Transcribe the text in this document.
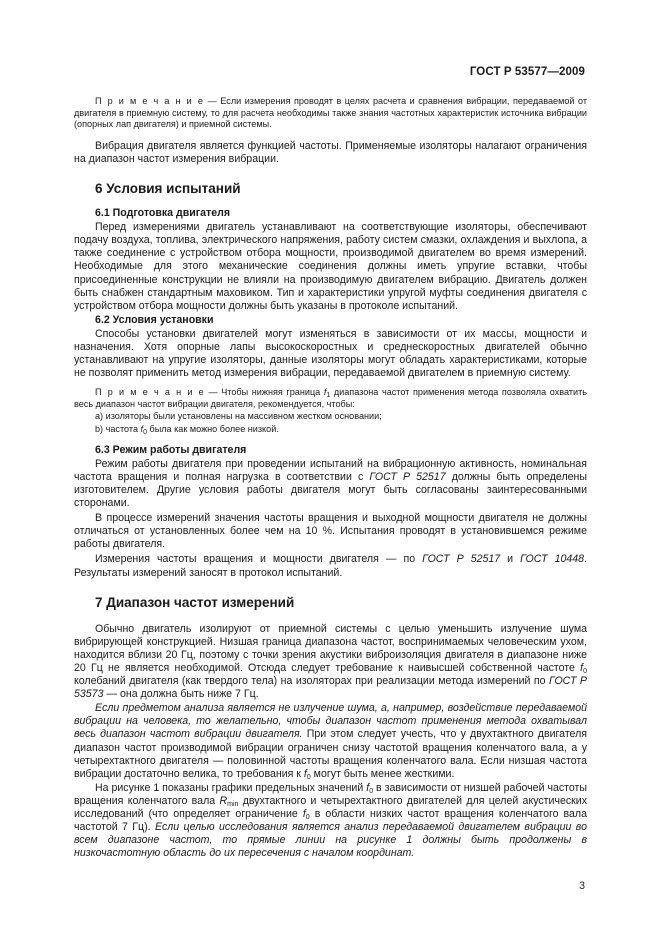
ГОСТ Р 53577—2009

П р и м е ч а н и е — Если измерения проводят в целях расчета и сравнения вибрации, передаваемой от двигателя в приемную систему, то для расчета необходимы также знания частотных характеристик источника вибрации (опорных лап двигателя) и приемной системы.

Вибрация двигателя является функцией частоты. Применяемые изоляторы налагают ограничения на диапазон частот измерения вибрации.

6 Условия испытаний
6.1 Подготовка двигателя

Перед измерениями двигатель устанавливают на соответствующие изоляторы, обеспечивают подачу воздуха, топлива, электрического напряжения, работу систем смазки, охлаждения и выхлопа, а также соединение с устройством отбора мощности, производимой двигателем во время измерений. Необходимые для этого механические соединения должны иметь упругие вставки, чтобы присоединенные конструкции не влияли на производимую двигателем вибрацию. Двигатель должен быть снабжен стандартным маховиком. Тип и характеристики упругой муфты соединения двигателя с устройством отбора мощности должны быть указаны в протоколе испытаний.

6.2 Условия установки

Способы установки двигателей могут изменяться в зависимости от их массы, мощности и назначения. Хотя опорные лапы высокоскоростных и среднескоростных двигателей обычно устанавливают на упругие изоляторы, данные изоляторы могут обладать характеристиками, которые не позволят применить метод измерения вибрации, передаваемой двигателем в приемную систему.

П р и м е ч а н и е — Чтобы нижняя граница $f_1$ диапазона частот применения метода позволяла охватить весь диапазон частот вибрации двигателя, рекомендуется, чтобы:

a) изоляторы были установлены на массивном жестком основании;
b) частота $f_0$ была как можно более низкой.
6.3 Режим работы двигателя

Режим работы двигателя при проведении испытаний на вибрационную активность, номинальная частота вращения и полная нагрузка в соответствии с ГОСТ Р 52517 должны быть определены изготовителем. Другие условия работы двигателя могут быть согласованы заинтересованными сторонами.

В процессе измерений значения частоты вращения и выходной мощности двигателя не должны отличаться от установленных более чем на 10 %. Испытания проводят в установившемся режиме работы двигателя.

Измерения частоты вращения и мощности двигателя — по ГОСТ Р 52517 и ГОСТ 10448. Результаты измерений заносят в протокол испытаний.

7 Диапазон частот измерений

Обычно двигатель изолируют от приемной системы с целью уменьшить излучение шума вибрирующей конструкцией. Низшая граница диапазона частот, воспринимаемых человеческим ухом, находится вблизи 20 Гц, поэтому с точки зрения акустики виброизоляция двигателя в диапазоне ниже 20 Гц не является необходимой. Отсюда следует требование к наивысшей собственной частоте $f_0$ колебаний двигателя (как твердого тела) на изоляторах при реализации метода измерений по ГОСТ Р 53573 — она должна быть ниже 7 Гц.

Если предметом анализа является не излучение шума, а, например, воздействие передаваемой вибрации на человека, то желательно, чтобы диапазон частот применения метода охватывал весь диапазон частот вибрации двигателя. При этом следует учесть, что у двухтактного двигателя диапазон частот производимой вибрации ограничен снизу частотой вращения коленчатого вала, а у четырехтактного двигателя — половинной частоты вращения коленчатого вала. Если низшая частота вибрации достаточно велика, то требования к $f_0$ могут быть менее жесткими.

На рисунке 1 показаны графики предельных значений $f_0$ в зависимости от низшей рабочей частоты вращения коленчатого вала $R_{min}$ двухтактного и четырехтактного двигателей для целей акустических исследований (что определяет ограничение $f_0$ в области низких частот вращения коленчатого вала частотой 7 Гц). Если целью исследования является анализ передаваемой двигателем вибрации во всем диапазоне частот, то прямые линии на рисунке 1 должны быть продолжены в низкочастотную область до их пересечения с началом координат.

3
